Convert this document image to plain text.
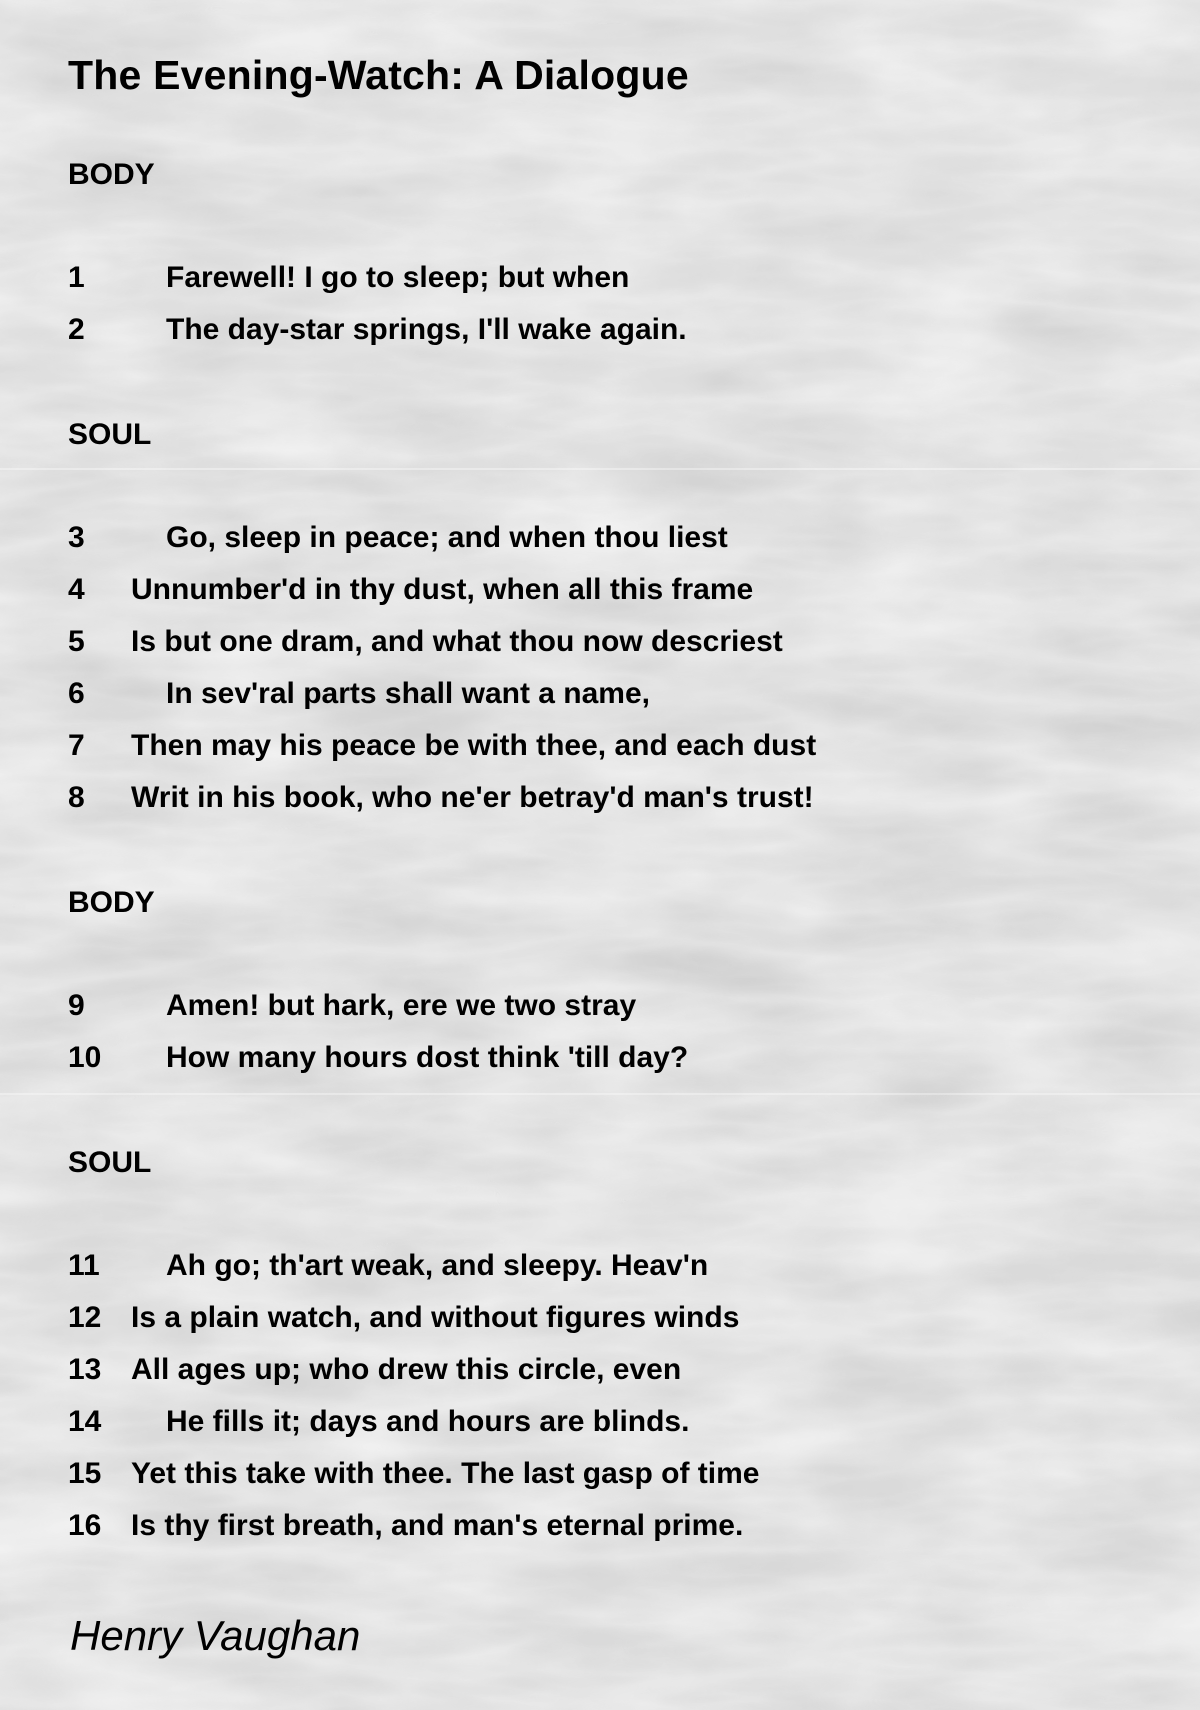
The Evening-Watch: A Dialogue
BODY
1	Farewell! I go to sleep; but when
2	The day-star springs, I'll wake again.
SOUL
3	Go, sleep in peace; and when thou liest
4 Unnumber'd in thy dust, when all this frame
5 Is but one dram, and what thou now descriest
6	In sev'ral parts shall want a name,
7 Then may his peace be with thee, and each dust
8 Writ in his book, who ne'er betray'd man's trust!
BODY
9	Amen! but hark, ere we two stray
10 How many hours dost think 'till day?
SOUL
11 Ah go; th'art weak, and sleepy. Heav'n
12 Is a plain watch, and without figures winds
13 All ages up; who drew this circle, even
14 He fills it; days and hours are blinds.
15 Yet this take with thee. The last gasp of time
16 Is thy first breath, and man's eternal prime.

Henry Vaughan
